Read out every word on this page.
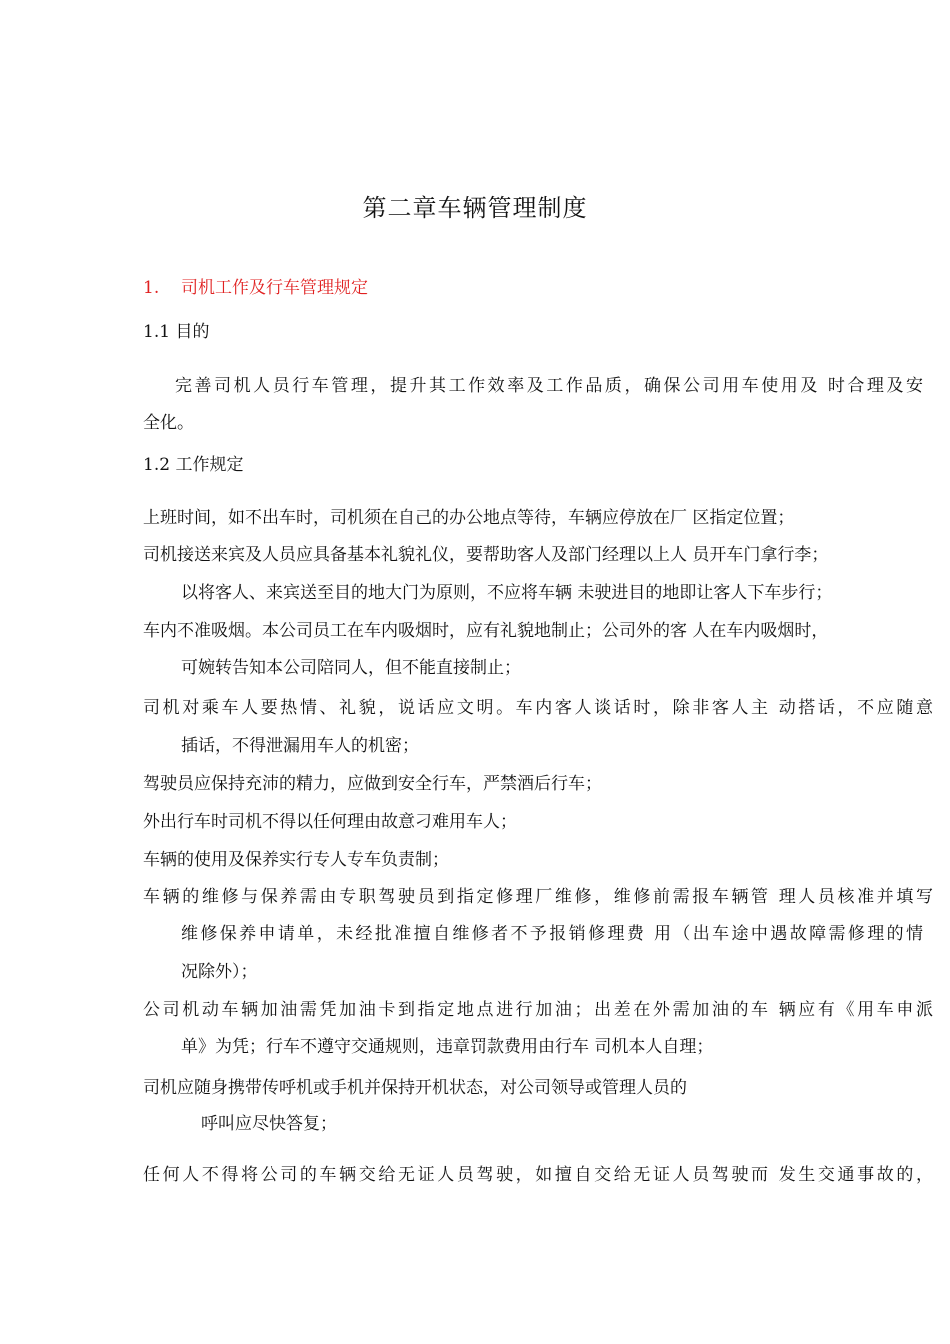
第二章车辆管理制度
1. 司机工作及行车管理规定
1.1 目的
完善司机人员行车管理，提升其工作效率及工作品质，确保公司用车使用及 时合理及安
全化。
1.2 工作规定
上班时间，如不出车时，司机须在自己的办公地点等待，车辆应停放在厂 区指定位置；
司机接送来宾及人员应具备基本礼貌礼仪，要帮助客人及部门经理以上人 员开车门拿行李；
以将客人、来宾送至目的地大门为原则，不应将车辆 未驶进目的地即让客人下车步行；
车内不准吸烟。本公司员工在车内吸烟时，应有礼貌地制止；公司外的客 人在车内吸烟时，
可婉转告知本公司陪同人，但不能直接制止；
司机对乘车人要热情、礼貌，说话应文明。车内客人谈话时，除非客人主 动搭话，不应随意
插话，不得泄漏用车人的机密；
驾驶员应保持充沛的精力，应做到安全行车，严禁酒后行车；
外出行车时司机不得以任何理由故意刁难用车人；
车辆的使用及保养实行专人专车负责制；
车辆的维修与保养需由专职驾驶员到指定修理厂维修，维修前需报车辆管 理人员核准并填写
维修保养申请单，未经批准擅自维修者不予报销修理费 用（出车途中遇故障需修理的情
况除外）；
公司机动车辆加油需凭加油卡到指定地点进行加油；出差在外需加油的车 辆应有《用车申派
单》为凭；行车不遵守交通规则，违章罚款费用由行车 司机本人自理；
司机应随身携带传呼机或手机并保持开机状态，对公司领导或管理人员的
呼叫应尽快答复；
任何人不得将公司的车辆交给无证人员驾驶，如擅自交给无证人员驾驶而 发生交通事故的，
